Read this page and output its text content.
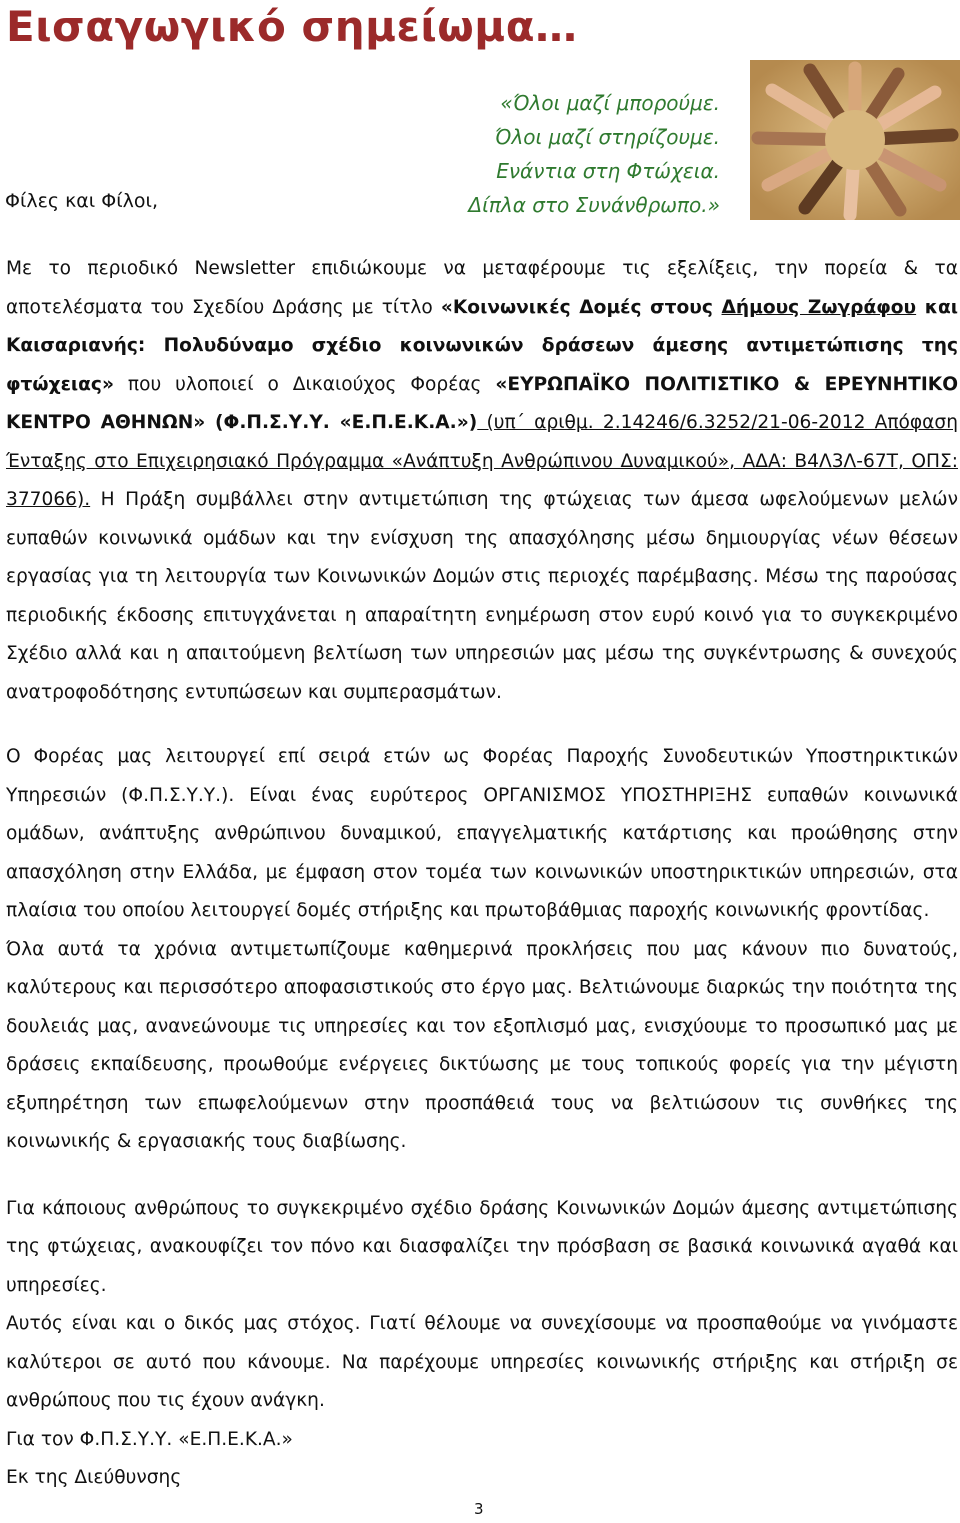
Εισαγωγικό σημείωμα…
«Όλοι μαζί μπορούμε.
Όλοι μαζί στηρίζουμε.
Ενάντια στη Φτώχεια.
Δίπλα στο Συνάνθρωπο.»
Φίλες και Φίλοι,

Με το περιοδικό Newsletter επιδιώκουμε να μεταφέρουμε τις εξελίξεις, την πορεία & τα αποτελέσματα του Σχεδίου Δράσης με τίτλο «Κοινωνικές Δομές στους Δήμους Ζωγράφου και Καισαριανής: Πολυδύναμο σχέδιο κοινωνικών δράσεων άμεσης αντιμετώπισης της φτώχειας» που υλοποιεί ο Δικαιούχος Φορέας «ΕΥΡΩΠΑΪΚΟ ΠΟΛΙΤΙΣΤΙΚΟ & ΕΡΕΥΝΗΤΙΚΟ ΚΕΝΤΡΟ ΑΘΗΝΩΝ» (Φ.Π.Σ.Υ.Υ. «Ε.Π.Ε.Κ.Α.») (υπ΄ αριθμ. 2.14246/6.3252/21-06-2012 Απόφαση Ένταξης στο Επιχειρησιακό Πρόγραμμα «Ανάπτυξη Ανθρώπινου Δυναμικού», ΑΔΑ: Β4Λ3Λ-67Τ, ΟΠΣ: 377066). Η Πράξη συμβάλλει στην αντιμετώπιση της φτώχειας των άμεσα ωφελούμενων μελών ευπαθών κοινωνικά ομάδων και την ενίσχυση της απασχόλησης μέσω δημιουργίας νέων θέσεων εργασίας για τη λειτουργία των Κοινωνικών Δομών στις περιοχές παρέμβασης. Μέσω της παρούσας περιοδικής έκδοσης επιτυγχάνεται η απαραίτητη ενημέρωση στον ευρύ κοινό για το συγκεκριμένο Σχέδιο αλλά και η απαιτούμενη βελτίωση των υπηρεσιών μας μέσω της συγκέντρωσης & συνεχούς ανατροφοδότησης εντυπώσεων και συμπερασμάτων.

Ο Φορέας μας λειτουργεί επί σειρά ετών ως Φορέας Παροχής Συνοδευτικών Υποστηρικτικών Υπηρεσιών (Φ.Π.Σ.Υ.Υ.). Είναι ένας ευρύτερος ΟΡΓΑΝΙΣΜΟΣ ΥΠΟΣΤΗΡΙΞΗΣ ευπαθών κοινωνικά ομάδων, ανάπτυξης ανθρώπινου δυναμικού, επαγγελματικής κατάρτισης και προώθησης στην απασχόληση στην Ελλάδα, με έμφαση στον τομέα των κοινωνικών υποστηρικτικών υπηρεσιών, στα πλαίσια του οποίου λειτουργεί δομές στήριξης και πρωτοβάθμιας παροχής κοινωνικής φροντίδας.

Όλα αυτά τα χρόνια αντιμετωπίζουμε καθημερινά προκλήσεις που μας κάνουν πιο δυνατούς, καλύτερους και περισσότερο αποφασιστικούς στο έργο μας. Βελτιώνουμε διαρκώς την ποιότητα της δουλειάς μας, ανανεώνουμε τις υπηρεσίες και τον εξοπλισμό μας, ενισχύουμε το προσωπικό μας με δράσεις εκπαίδευσης, προωθούμε ενέργειες δικτύωσης με τους τοπικούς φορείς για την μέγιστη εξυπηρέτηση των επωφελούμενων στην προσπάθειά τους να βελτιώσουν τις συνθήκες της κοινωνικής & εργασιακής τους διαβίωσης.

Για κάποιους ανθρώπους το συγκεκριμένο σχέδιο δράσης Κοινωνικών Δομών άμεσης αντιμετώπισης της φτώχειας, ανακουφίζει τον πόνο και διασφαλίζει την πρόσβαση σε βασικά κοινωνικά αγαθά και υπηρεσίες.

Αυτός είναι και ο δικός μας στόχος. Γιατί θέλουμε να συνεχίσουμε να προσπαθούμε να γινόμαστε καλύτεροι σε αυτό που κάνουμε. Να παρέχουμε υπηρεσίες κοινωνικής στήριξης και στήριξη σε ανθρώπους που τις έχουν ανάγκη.

Για τον Φ.Π.Σ.Υ.Υ. «Ε.Π.Ε.Κ.Α.»

Εκ της Διεύθυνσης

3
